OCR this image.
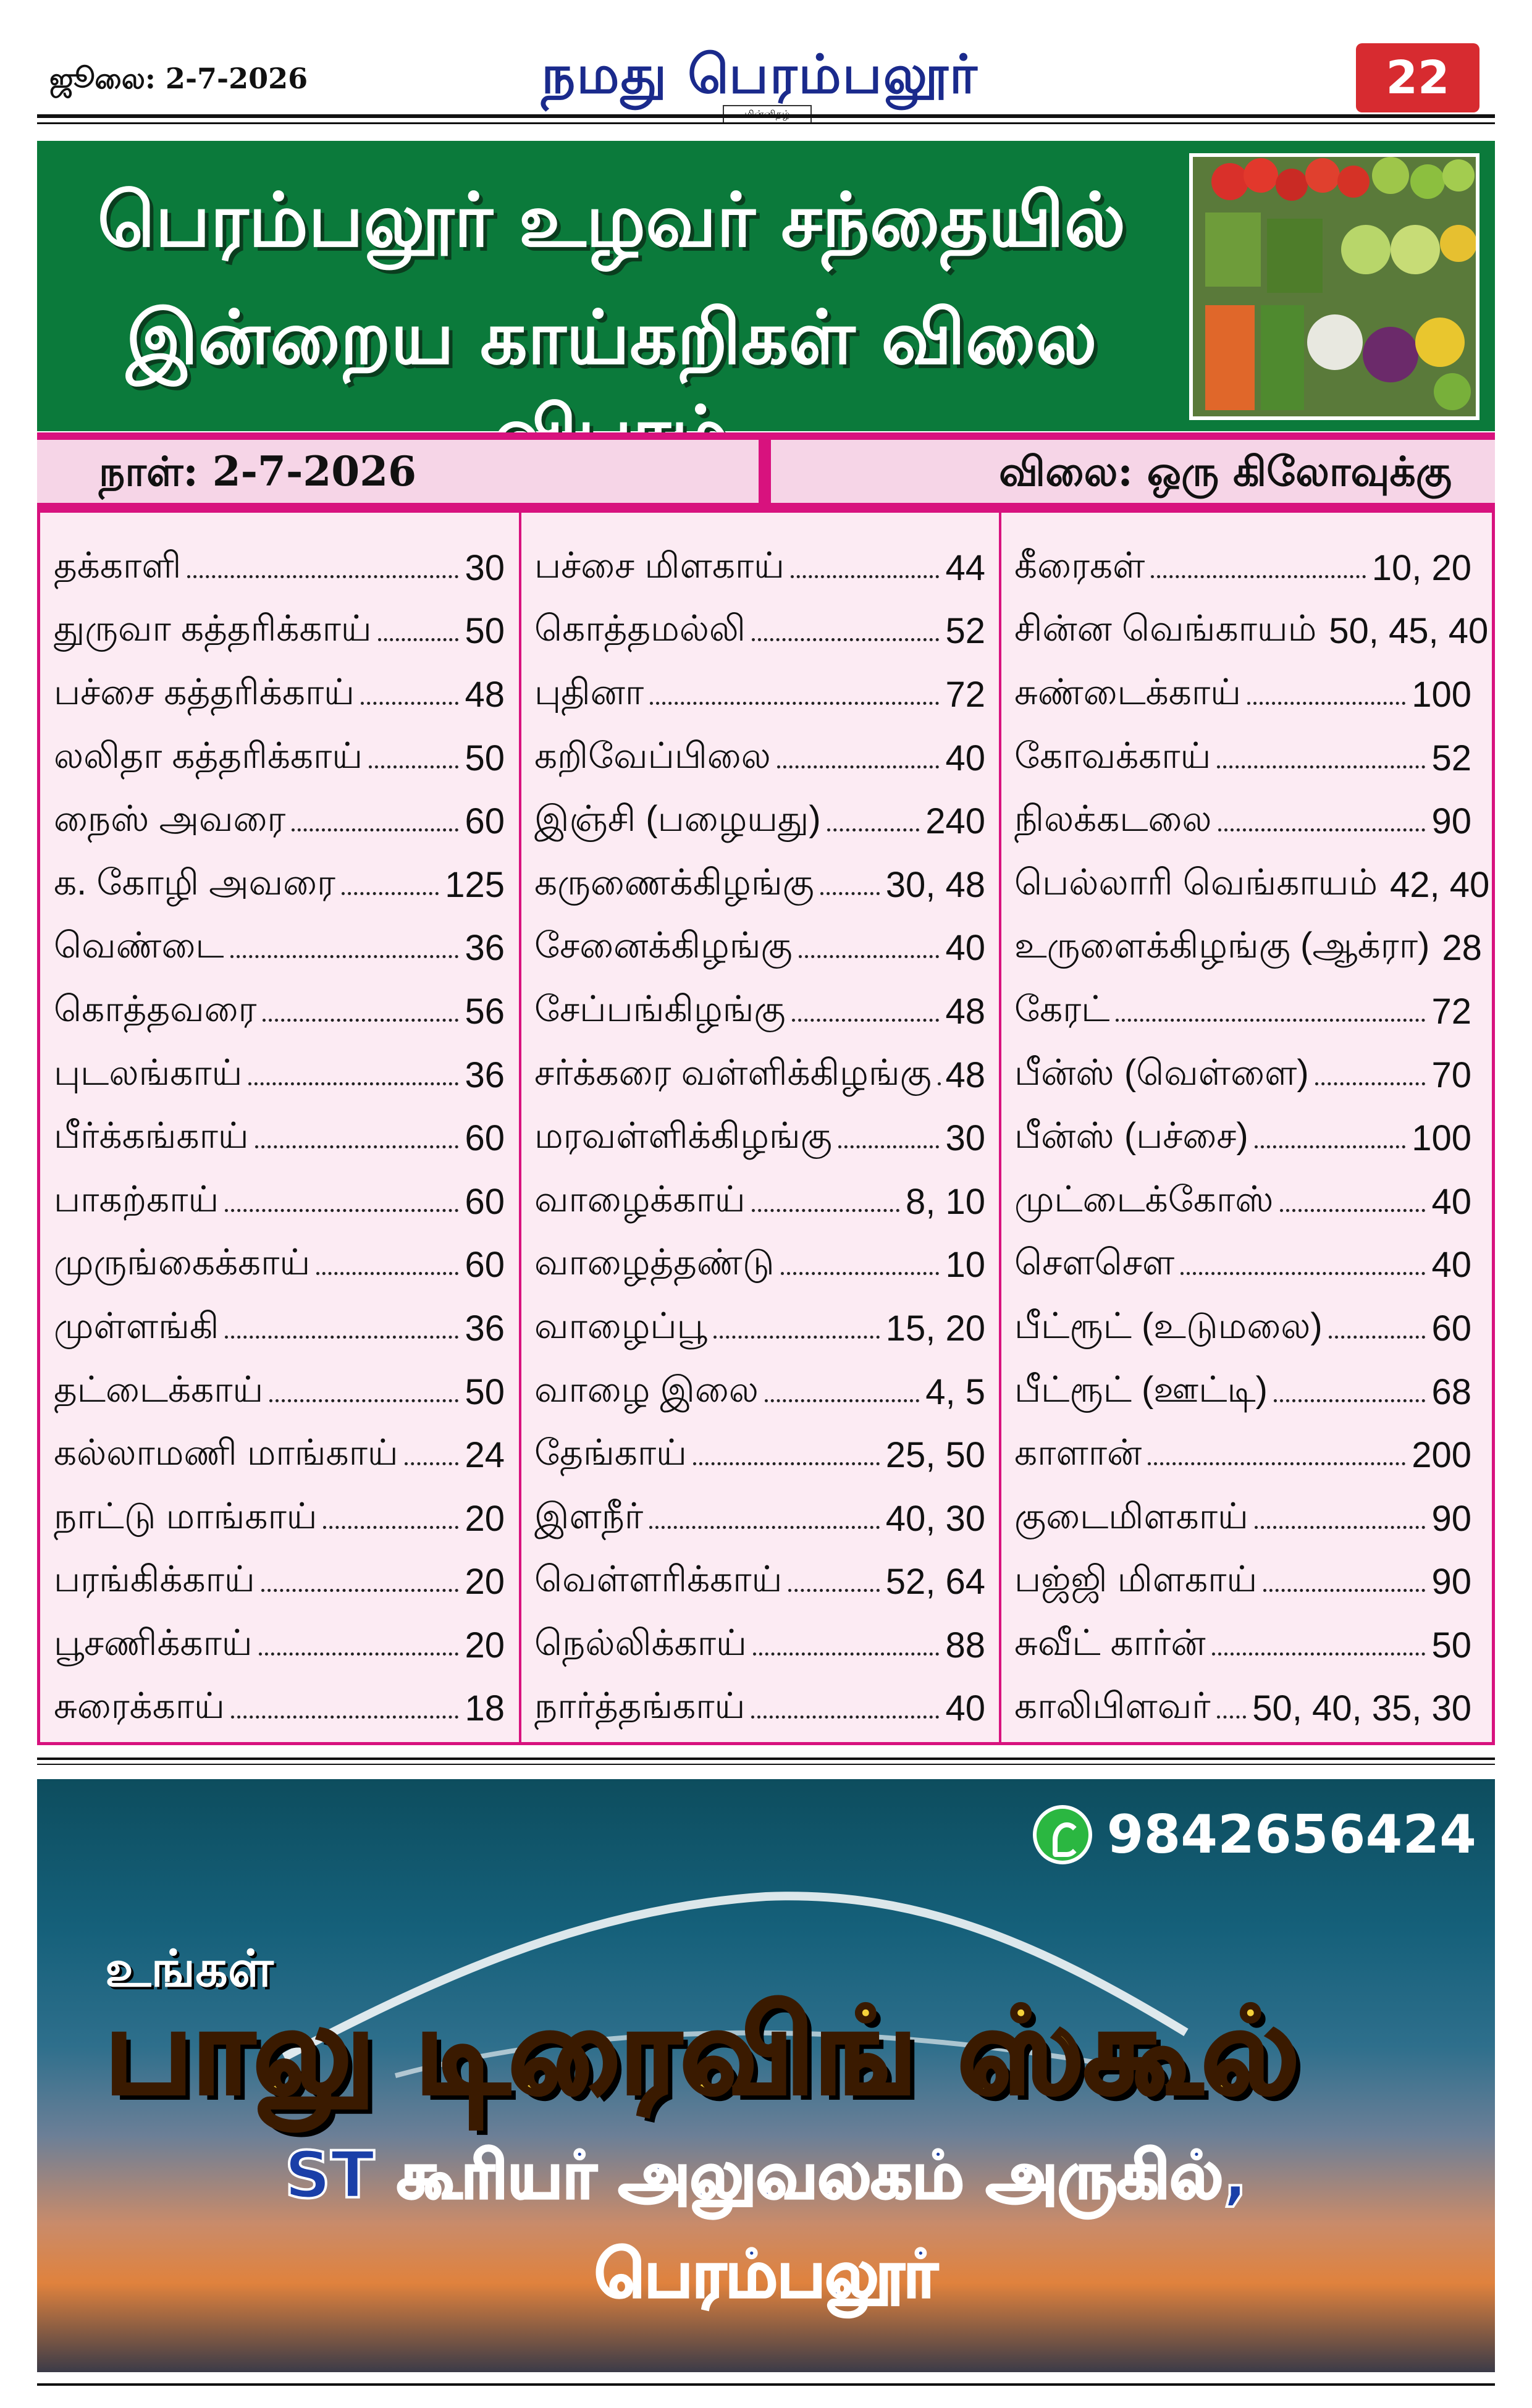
ஜூலை: 2-7-2026	நமது பெரம்பலூர்	22
பெரம்பலூர் உழவர் சந்தையில்
இன்றைய காய்கறிகள் விலை
நாள்: 2-7-2026	விலை: ஒரு கிலோவுக்கு
தக்காளி	30
துருவா கத்தரிக்காய்	50
பச்சை கத்தரிக்காய்	48
லலிதா கத்தரிக்காய்	50
நைஸ் அவரை	60
க. கோழி அவரை	125
வெண்டை	36
கொத்தவரை	56
புடலங்காய்	36
பீர்க்கங்காய்	60
பாகற்காய்	60
முருங்கைக்காய்	60
முள்ளங்கி	36
தட்டைக்காய்	50
கல்லாமணி மாங்காய் 24
நாட்டு மாங்காய்	20
பரங்கிக்காய்	20
பூசணிக்காய்	20
சுரைக்காய்	18
பச்சை மிளகாய்	44
கொத்தமல்லி	52
புதினா	72
கறிவேப்பிலை	40
இஞ்சி (பழையது)	240
கருணைக்கிழங்கு 30, 48
சேனைக்கிழங்கு	40
சேப்பங்கிழங்கு	48
சர்க்கரை வள்ளிக்கிழங்கு 48
மரவள்ளிக்கிழங்கு	30
வாழைக்காய்	8, 10
வாழைத்தண்டு	10
வாழைப்பூ	15, 20
வாழை இலை	4, 5
தேங்காய்	25, 50
இளநீர்	40, 30
வெள்ளரிக்காய்	52, 64
நெல்லிக்காய்	88
நார்த்தங்காய்	40
கீரைகள்	10, 20
சின்ன வெங்காயம் 50, 45, 40
சுண்டைக்காய்	100
கோவக்காய்	52
நிலக்கடலை	90
பெல்லாரி வெங்காயம் 42, 40
உருளைக்கிழங்கு (ஆக்ரா) 28
கேரட்	72
பீன்ஸ் (வெள்ளை)	70
பீன்ஸ் (பச்சை)	100
முட்டைக்கோஸ்	40
சௌசௌ	40
பீட்ரூட் (உடுமலை)	60
பீட்ரூட் (ஊட்டி)	68
காளான்	200
குடைமிளகாய்	90
பஜ்ஜி மிளகாய்	90
சுவீட் கார்ன்	50
காலிபிளவர் 50, 40, 35, 30
9842656424
உங்கள்
பாலு டிரைவிங் ஸ்கூல்
ST கூரியர் அலுவலகம் அருகில்,
பெரம்பலூர்
